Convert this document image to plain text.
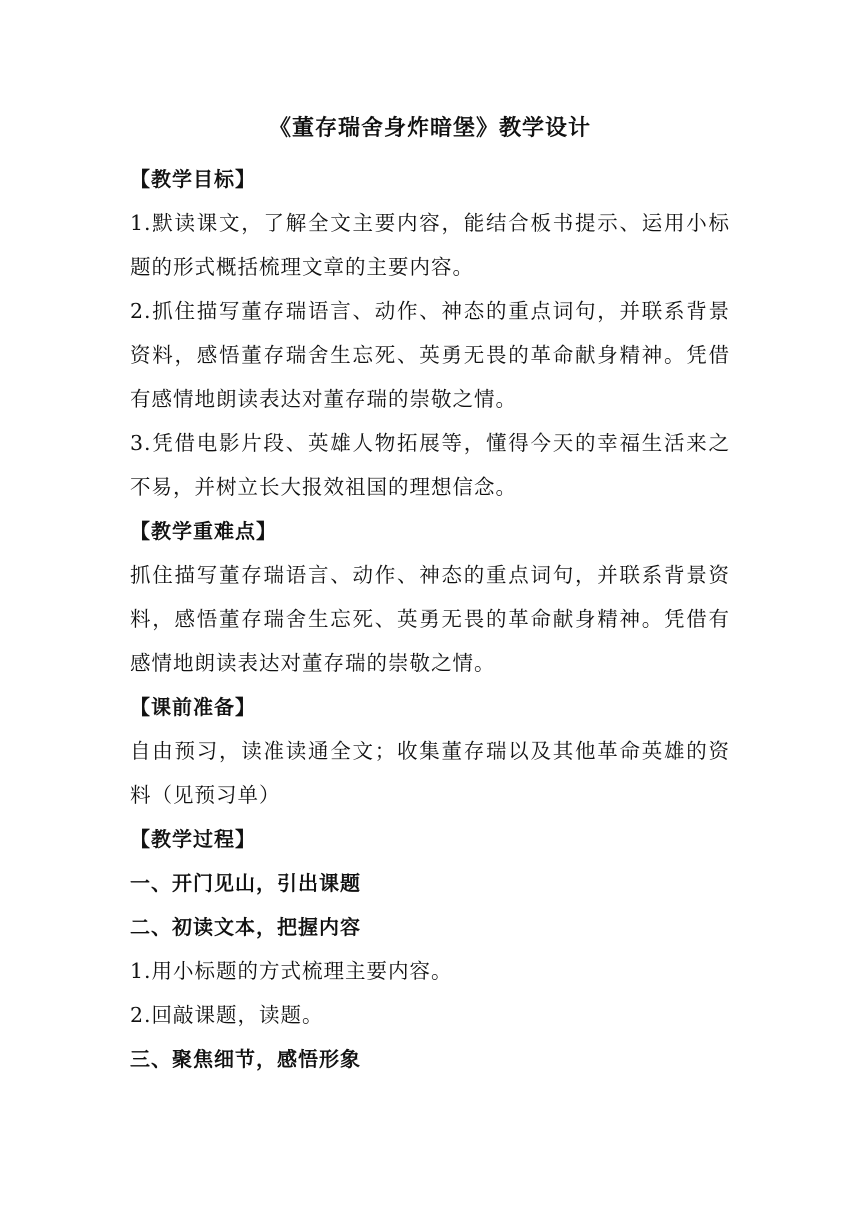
《董存瑞舍身炸暗堡》教学设计
【教学目标】
1.默读课文，了解全文主要内容，能结合板书提示、运用小标题的形式概括梳理文章的主要内容。
2.抓住描写董存瑞语言、动作、神态的重点词句，并联系背景资料，感悟董存瑞舍生忘死、英勇无畏的革命献身精神。凭借有感情地朗读表达对董存瑞的崇敬之情。
3.凭借电影片段、英雄人物拓展等，懂得今天的幸福生活来之不易，并树立长大报效祖国的理想信念。
【教学重难点】
抓住描写董存瑞语言、动作、神态的重点词句，并联系背景资料，感悟董存瑞舍生忘死、英勇无畏的革命献身精神。凭借有感情地朗读表达对董存瑞的崇敬之情。
【课前准备】
自由预习，读准读通全文；收集董存瑞以及其他革命英雄的资料（见预习单）
【教学过程】
一、开门见山，引出课题
二、初读文本，把握内容
1.用小标题的方式梳理主要内容。
2.回敲课题，读题。
三、聚焦细节，感悟形象
